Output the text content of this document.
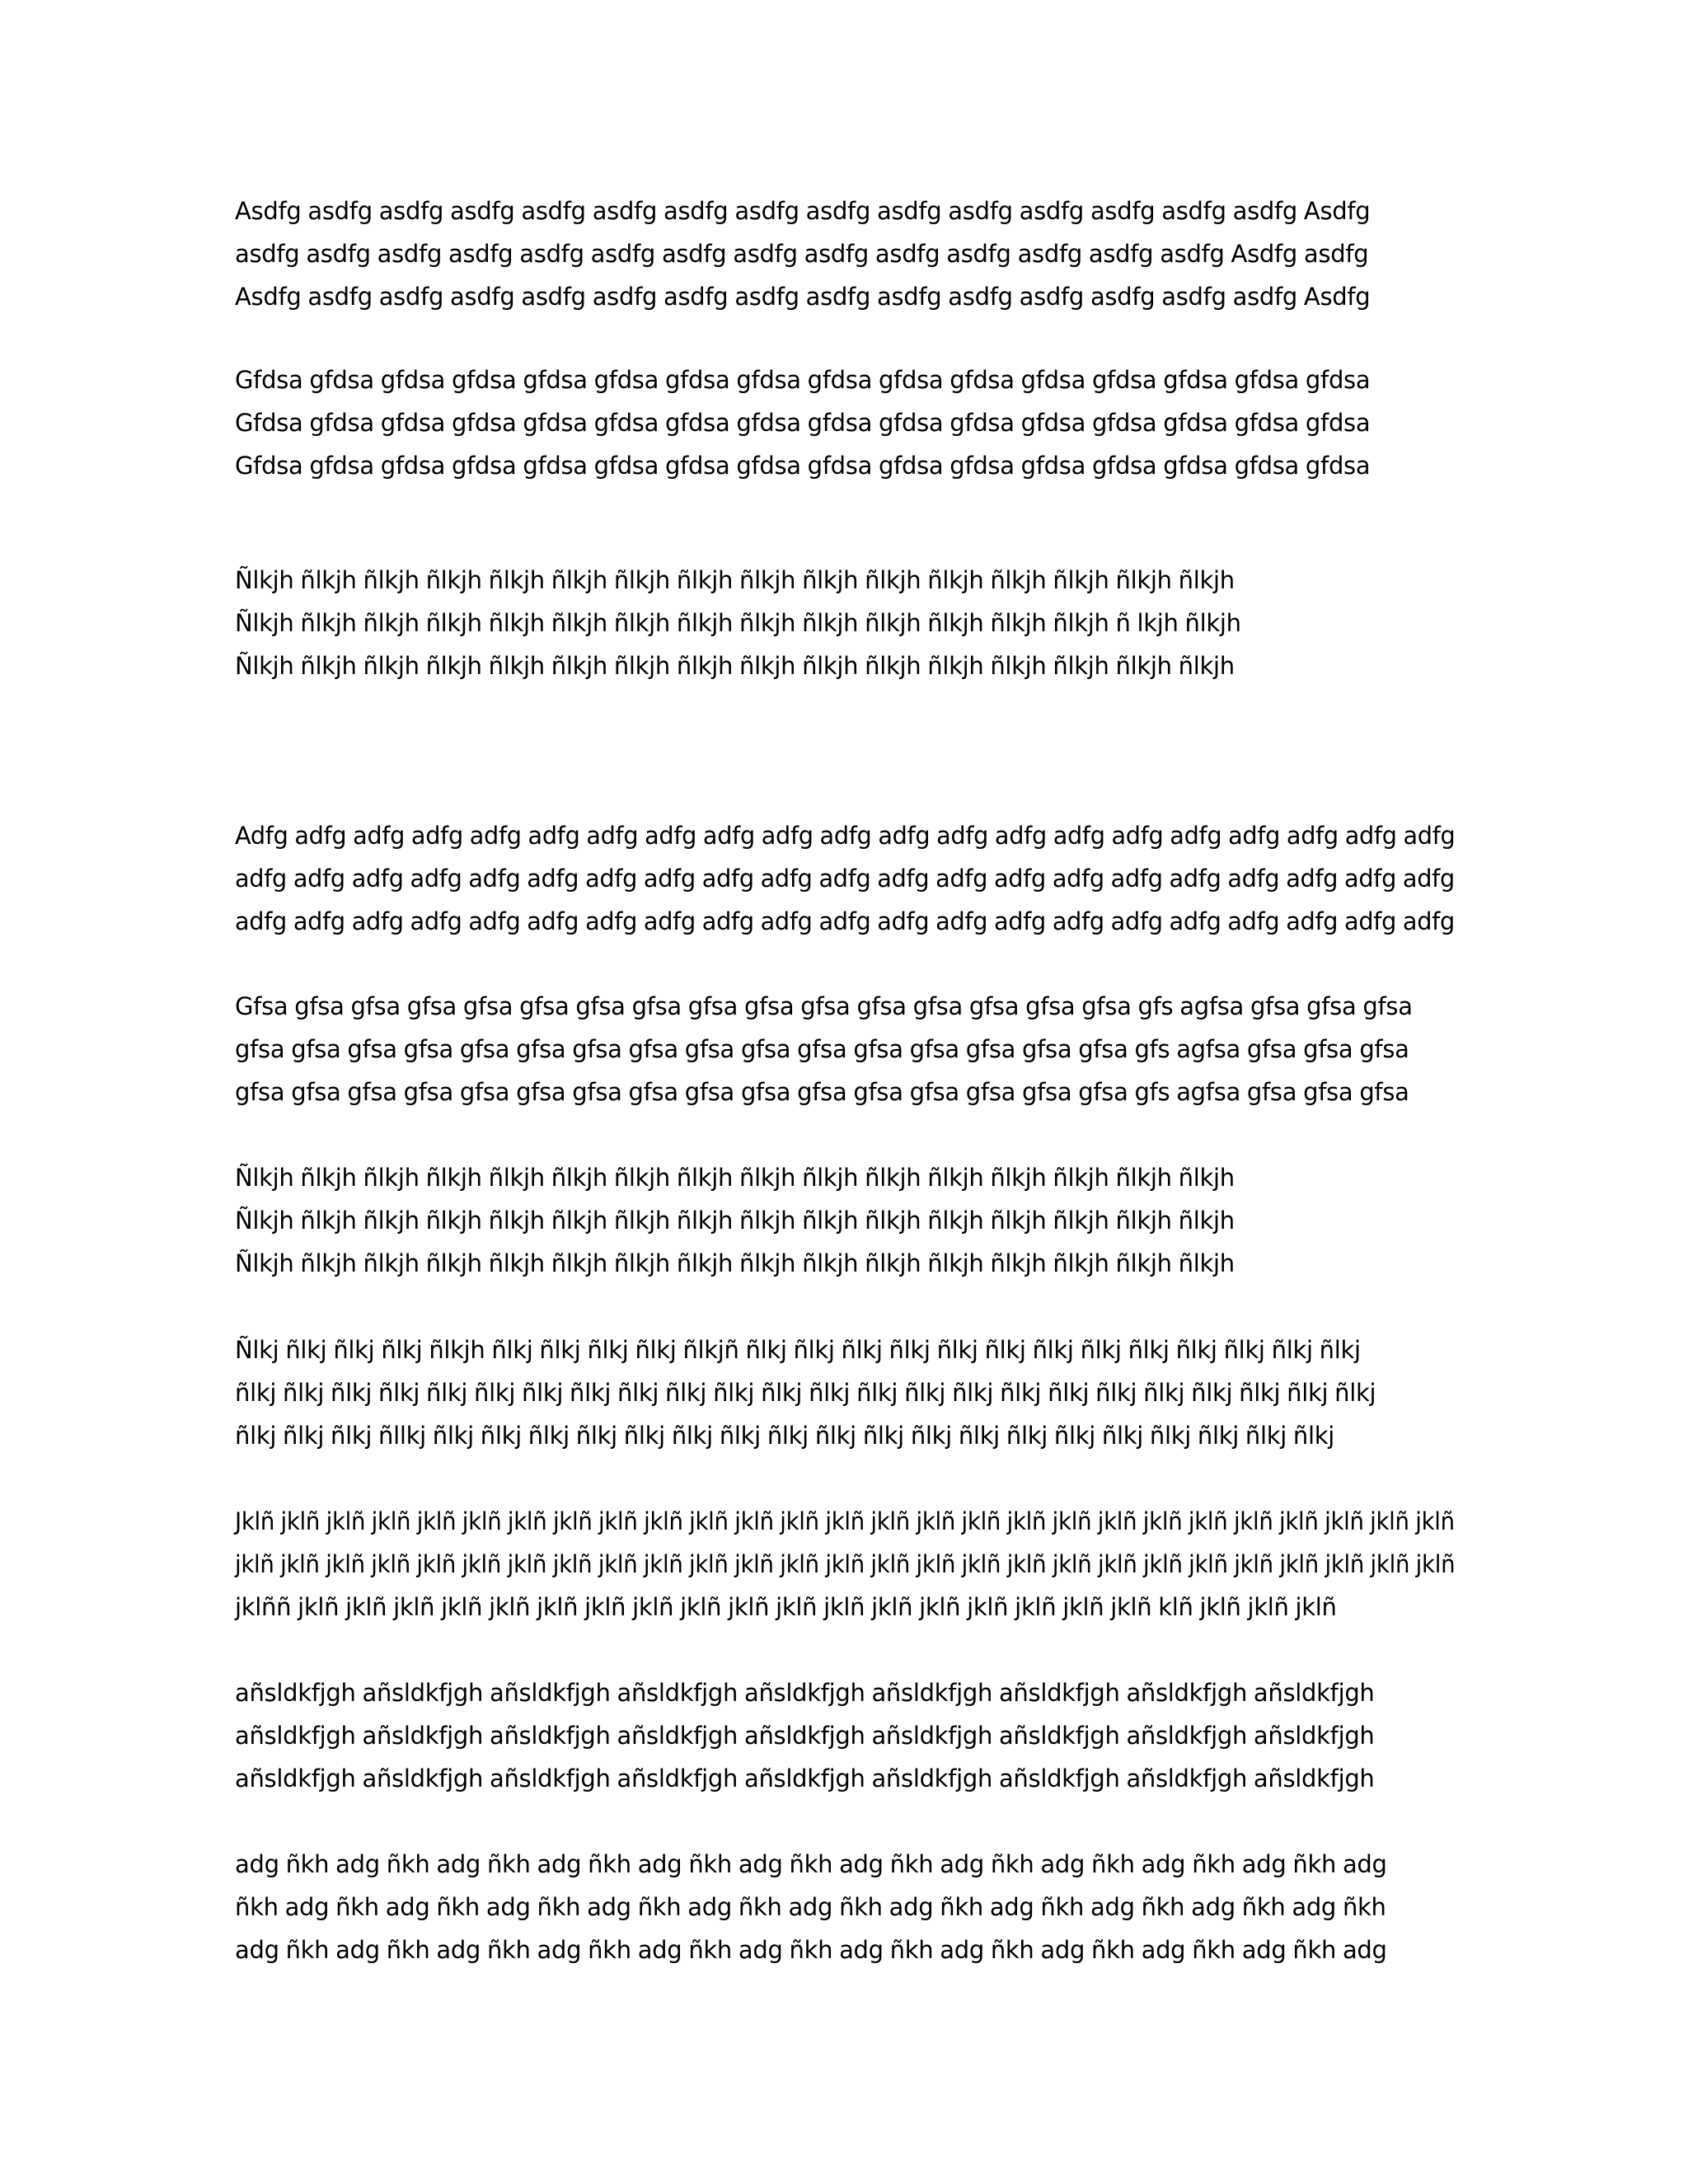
Asdfg asdfg asdfg asdfg asdfg asdfg asdfg asdfg asdfg asdfg asdfg asdfg asdfg asdfg asdfg Asdfg
asdfg asdfg asdfg asdfg asdfg asdfg asdfg asdfg asdfg asdfg asdfg asdfg asdfg asdfg Asdfg asdfg
Asdfg asdfg asdfg asdfg asdfg asdfg asdfg asdfg asdfg asdfg asdfg asdfg asdfg asdfg asdfg Asdfg
Gfdsa gfdsa gfdsa gfdsa gfdsa gfdsa gfdsa gfdsa gfdsa gfdsa gfdsa gfdsa gfdsa gfdsa gfdsa gfdsa
Gfdsa gfdsa gfdsa gfdsa gfdsa gfdsa gfdsa gfdsa gfdsa gfdsa gfdsa gfdsa gfdsa gfdsa gfdsa gfdsa
Gfdsa gfdsa gfdsa gfdsa gfdsa gfdsa gfdsa gfdsa gfdsa gfdsa gfdsa gfdsa gfdsa gfdsa gfdsa gfdsa
Ñlkjh ñlkjh ñlkjh ñlkjh ñlkjh ñlkjh ñlkjh ñlkjh ñlkjh ñlkjh ñlkjh ñlkjh ñlkjh ñlkjh ñlkjh ñlkjh
Ñlkjh ñlkjh ñlkjh ñlkjh ñlkjh ñlkjh ñlkjh ñlkjh ñlkjh ñlkjh ñlkjh ñlkjh ñlkjh ñlkjh ñ lkjh ñlkjh
Ñlkjh ñlkjh ñlkjh ñlkjh ñlkjh ñlkjh ñlkjh ñlkjh ñlkjh ñlkjh ñlkjh ñlkjh ñlkjh ñlkjh ñlkjh ñlkjh
Adfg adfg adfg adfg adfg adfg adfg adfg adfg adfg adfg adfg adfg adfg adfg adfg adfg adfg adfg adfg adfg
adfg adfg adfg adfg adfg adfg adfg adfg adfg adfg adfg adfg adfg adfg adfg adfg adfg adfg adfg adfg adfg
adfg adfg adfg adfg adfg adfg adfg adfg adfg adfg adfg adfg adfg adfg adfg adfg adfg adfg adfg adfg adfg
Gfsa gfsa gfsa gfsa gfsa gfsa gfsa gfsa gfsa gfsa gfsa gfsa gfsa gfsa gfsa gfsa gfs agfsa gfsa gfsa gfsa
gfsa gfsa gfsa gfsa gfsa gfsa gfsa gfsa gfsa gfsa gfsa gfsa gfsa gfsa gfsa gfsa gfs agfsa gfsa gfsa gfsa
gfsa gfsa gfsa gfsa gfsa gfsa gfsa gfsa gfsa gfsa gfsa gfsa gfsa gfsa gfsa gfsa gfs agfsa gfsa gfsa gfsa
Ñlkjh ñlkjh ñlkjh ñlkjh ñlkjh ñlkjh ñlkjh ñlkjh ñlkjh ñlkjh ñlkjh ñlkjh ñlkjh ñlkjh ñlkjh ñlkjh
Ñlkjh ñlkjh ñlkjh ñlkjh ñlkjh ñlkjh ñlkjh ñlkjh ñlkjh ñlkjh ñlkjh ñlkjh ñlkjh ñlkjh ñlkjh ñlkjh
Ñlkjh ñlkjh ñlkjh ñlkjh ñlkjh ñlkjh ñlkjh ñlkjh ñlkjh ñlkjh ñlkjh ñlkjh ñlkjh ñlkjh ñlkjh ñlkjh
Ñlkj ñlkj ñlkj ñlkj ñlkjh ñlkj ñlkj ñlkj ñlkj ñlkjñ ñlkj ñlkj ñlkj ñlkj ñlkj ñlkj ñlkj ñlkj ñlkj ñlkj ñlkj ñlkj ñlkj
ñlkj ñlkj ñlkj ñlkj ñlkj ñlkj ñlkj ñlkj ñlkj ñlkj ñlkj ñlkj ñlkj ñlkj ñlkj ñlkj ñlkj ñlkj ñlkj ñlkj ñlkj ñlkj ñlkj ñlkj
ñlkj ñlkj ñlkj ñllkj ñlkj ñlkj ñlkj ñlkj ñlkj ñlkj ñlkj ñlkj ñlkj ñlkj ñlkj ñlkj ñlkj ñlkj ñlkj ñlkj ñlkj ñlkj ñlkj
Jklñ jklñ jklñ jklñ jklñ jklñ jklñ jklñ jklñ jklñ jklñ jklñ jklñ jklñ jklñ jklñ jklñ jklñ jklñ jklñ jklñ jklñ jklñ jklñ jklñ jklñ jklñ
jklñ jklñ jklñ jklñ jklñ jklñ jklñ jklñ jklñ jklñ jklñ jklñ jklñ jklñ jklñ jklñ jklñ jklñ jklñ jklñ jklñ jklñ jklñ jklñ jklñ jklñ jklñ
jklññ jklñ jklñ jklñ jklñ jklñ jklñ jklñ jklñ jklñ jklñ jklñ jklñ jklñ jklñ jklñ jklñ jklñ jklñ klñ jklñ jklñ jklñ
añsldkfjgh añsldkfjgh añsldkfjgh añsldkfjgh añsldkfjgh añsldkfjgh añsldkfjgh añsldkfjgh añsldkfjgh
añsldkfjgh añsldkfjgh añsldkfjgh añsldkfjgh añsldkfjgh añsldkfjgh añsldkfjgh añsldkfjgh añsldkfjgh
añsldkfjgh añsldkfjgh añsldkfjgh añsldkfjgh añsldkfjgh añsldkfjgh añsldkfjgh añsldkfjgh añsldkfjgh
adg ñkh adg ñkh adg ñkh adg ñkh adg ñkh adg ñkh adg ñkh adg ñkh adg ñkh adg ñkh adg ñkh adg
ñkh adg ñkh adg ñkh adg ñkh adg ñkh adg ñkh adg ñkh adg ñkh adg ñkh adg ñkh adg ñkh adg ñkh
adg ñkh adg ñkh adg ñkh adg ñkh adg ñkh adg ñkh adg ñkh adg ñkh adg ñkh adg ñkh adg ñkh adg
